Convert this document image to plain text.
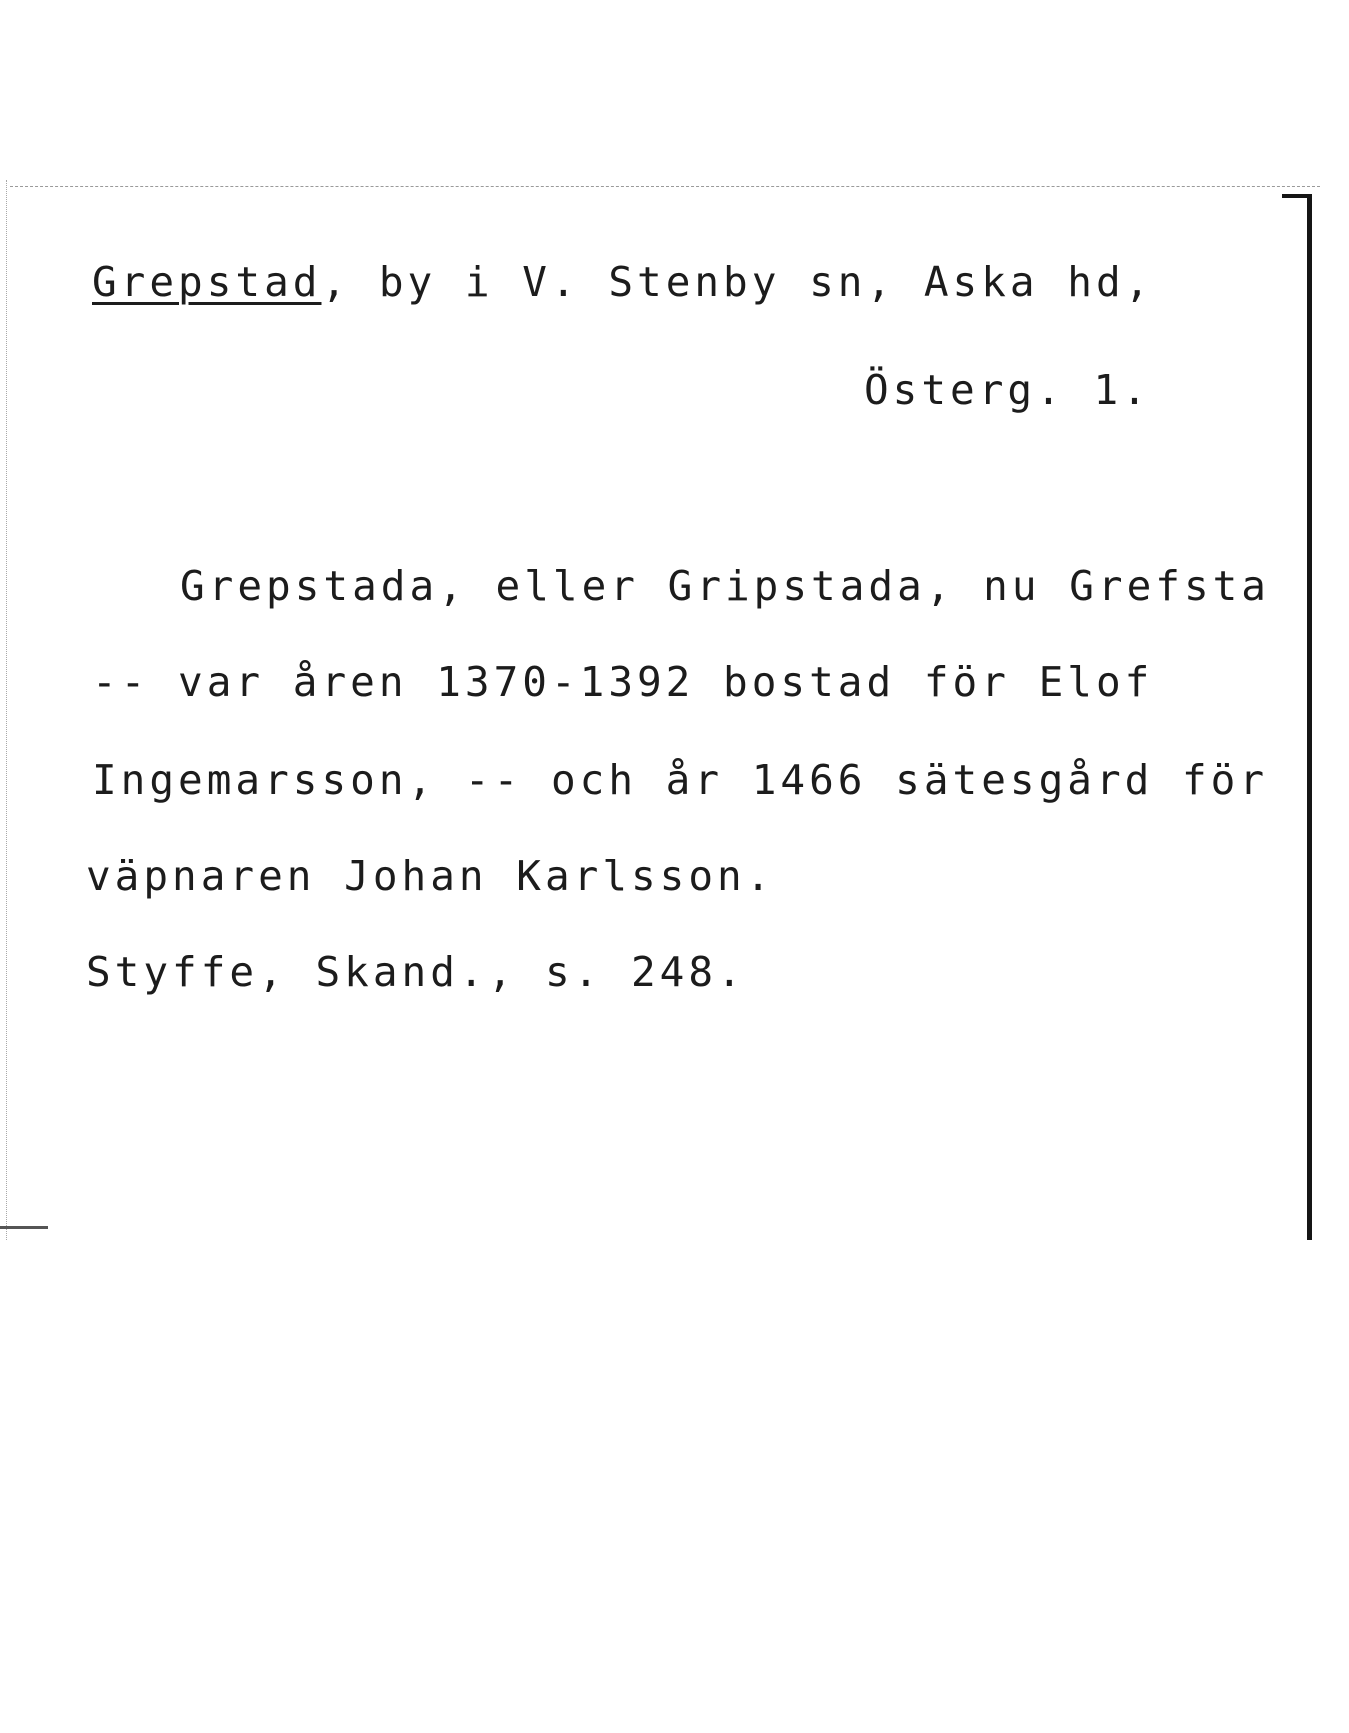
Grepstad, by i V. Stenby sn, Aska hd,
Österg. 1.
Grepstada, eller Gripstada, nu Grefsta
-- var åren 1370-1392 bostad för Elof
Ingemarsson, -- och år 1466 sätesgård för
väpnaren Johan Karlsson.
Styffe, Skand., s. 248.
